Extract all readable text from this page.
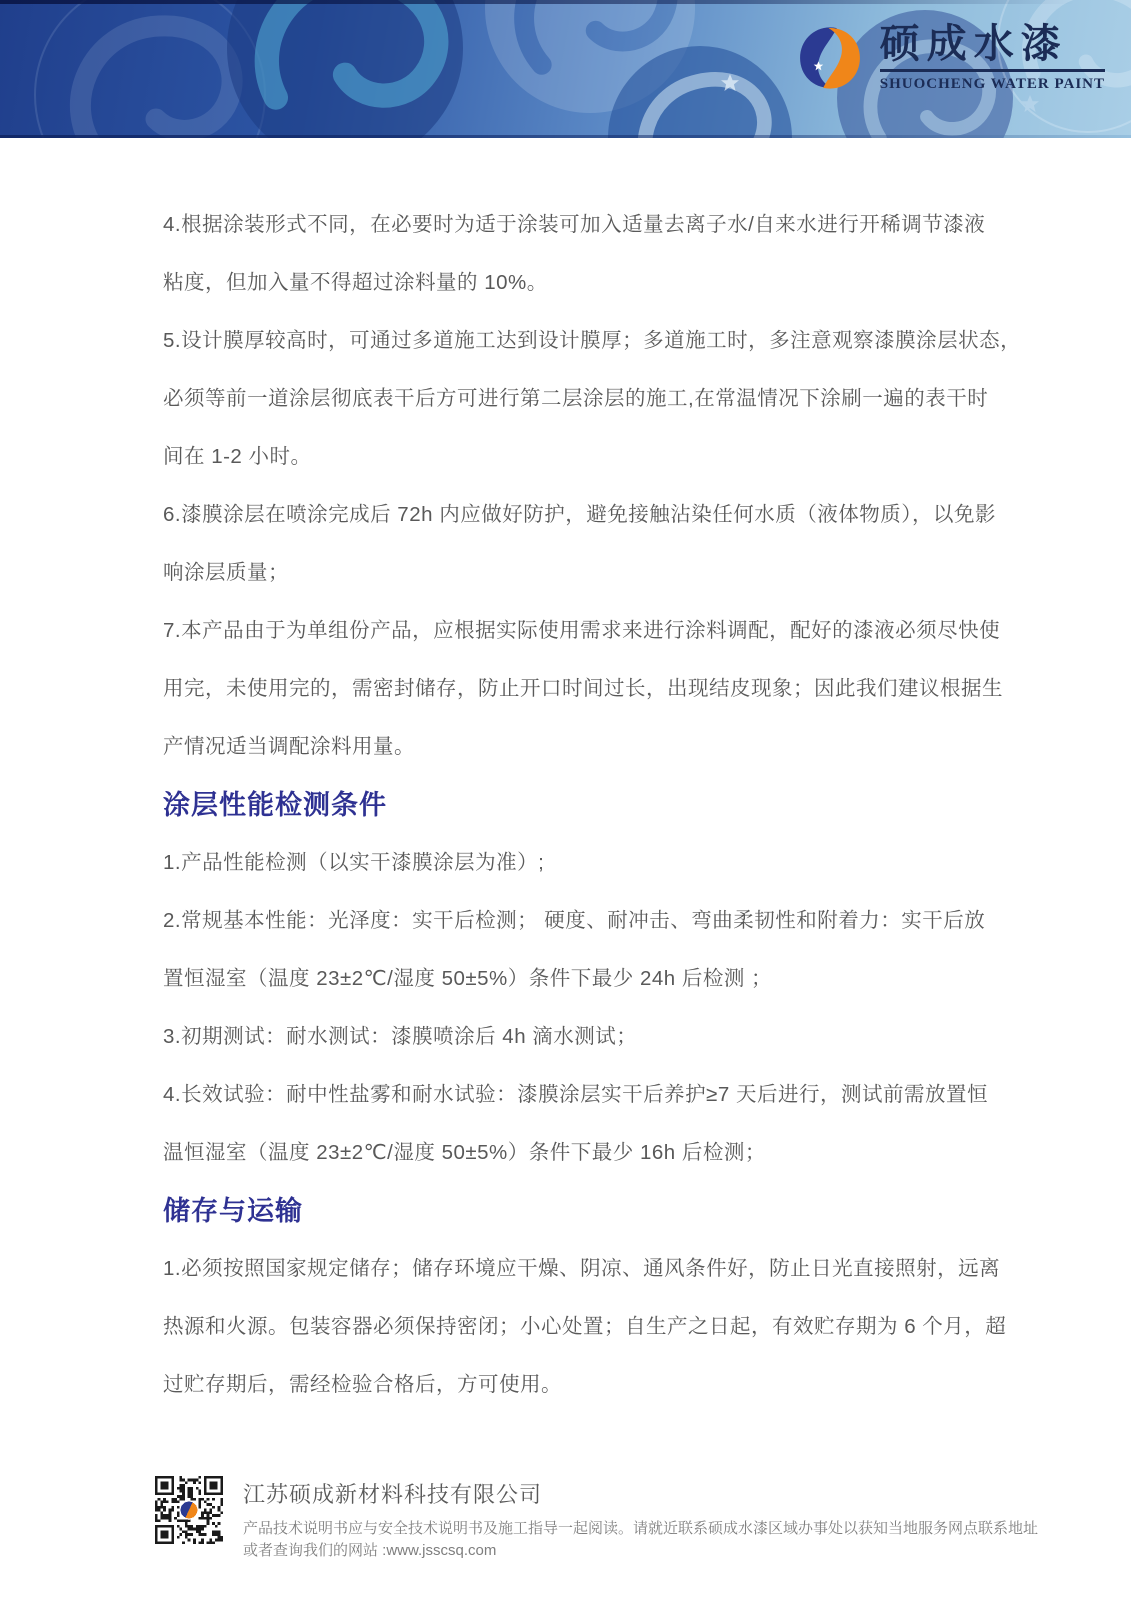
硕成水漆
SHUOCHENG WATER PAINT
4.根据涂装形式不同，在必要时为适于涂装可加入适量去离子水/自来水进行开稀调节漆液
粘度，但加入量不得超过涂料量的 10%。
5.设计膜厚较高时，可通过多道施工达到设计膜厚；多道施工时，多注意观察漆膜涂层状态，
必须等前一道涂层彻底表干后方可进行第二层涂层的施工,在常温情况下涂刷一遍的表干时
间在 1-2 小时。
6.漆膜涂层在喷涂完成后 72h 内应做好防护，避免接触沾染任何水质（液体物质），以免影
响涂层质量；
7.本产品由于为单组份产品，应根据实际使用需求来进行涂料调配，配好的漆液必须尽快使
用完，未使用完的，需密封储存，防止开口时间过长，出现结皮现象；因此我们建议根据生
产情况适当调配涂料用量。
涂层性能检测条件
1.产品性能检测（以实干漆膜涂层为准）;
2.常规基本性能：光泽度：实干后检测； 硬度、耐冲击、弯曲柔韧性和附着力：实干后放
置恒湿室（温度 23±2℃/湿度 50±5%）条件下最少 24h 后检测 ；
3.初期测试：耐水测试：漆膜喷涂后 4h 滴水测试；
4.长效试验：耐中性盐雾和耐水试验：漆膜涂层实干后养护≥7 天后进行，测试前需放置恒
温恒湿室（温度 23±2℃/湿度 50±5%）条件下最少 16h 后检测；
储存与运输
1.必须按照国家规定储存；储存环境应干燥、阴凉、通风条件好，防止日光直接照射，远离
热源和火源。包装容器必须保持密闭；小心处置；自生产之日起，有效贮存期为 6 个月，超
过贮存期后，需经检验合格后，方可使用。
江苏硕成新材料科技有限公司
产品技术说明书应与安全技术说明书及施工指导一起阅读。请就近联系硕成水漆区域办事处以获知当地服务网点联系地址
或者查询我们的网站 :www.jsscsq.com
